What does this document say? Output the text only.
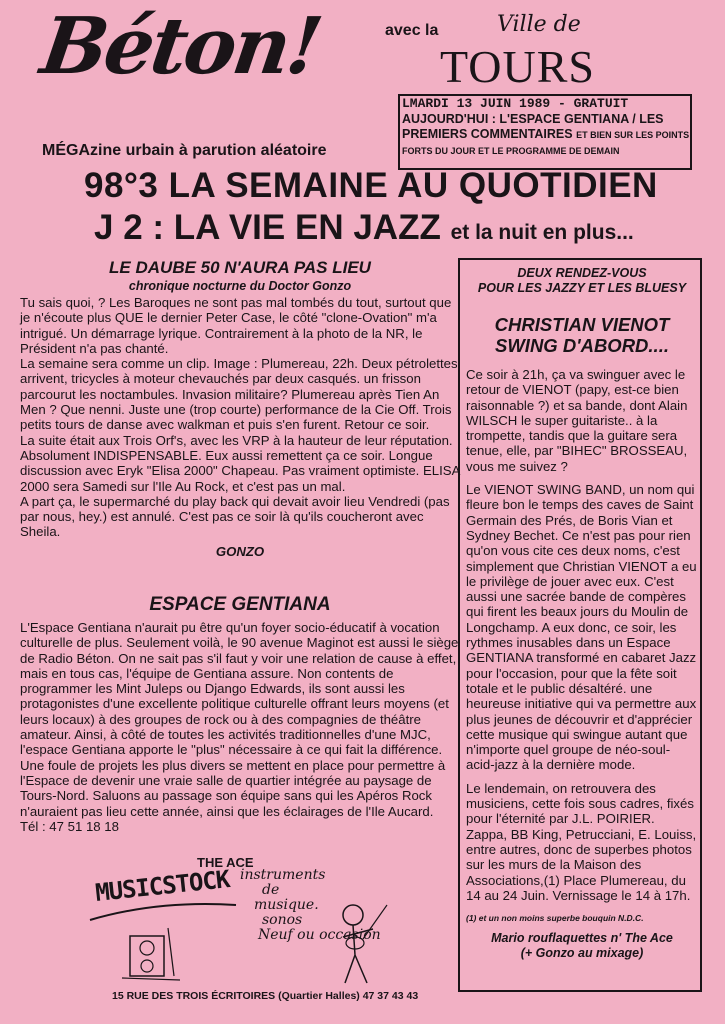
Béton!
MÉGAzine urbain à parution aléatoire
avec la	Ville de
TOURS
LMARDI 13 JUIN 1989 - GRATUIT
AUJOURD'HUI : L'ESPACE GENTIANA / LES PREMIERS COMMENTAIRES ET BIEN SUR LES POINTS FORTS DU JOUR ET LE PROGRAMME DE DEMAIN
98°3 LA SEMAINE AU QUOTIDIEN
J 2 : LA VIE EN JAZZ et la nuit en plus...
LE DAUBE 50 N'AURA PAS LIEU
chronique nocturne du Doctor Gonzo

Tu sais quoi, ? Les Baroques ne sont pas mal tombés du tout, surtout que je n'écoute plus QUE le dernier Peter Case, le côté "clone-Ovation" m'a intrigué. Un démarrage lyrique. Contrairement à la photo de la NR, le Président n'a pas chanté.

La semaine sera comme un clip. Image : Plumereau, 22h. Deux pétrolettes arrivent, tricycles à moteur chevauchés par deux casqués. un frisson parcourut les noctambules. Invasion militaire? Plumereau après Tien An Men ? Que nenni. Juste une (trop courte) performance de la Cie Off. Trois petits tours de danse avec walkman et puis s'en furent. Retour ce soir.

La suite était aux Trois Orf's, avec les VRP à la hauteur de leur réputation. Absolument INDISPENSABLE. Eux aussi remettent ça ce soir. Longue discussion avec Eryk "Elisa 2000" Chapeau. Pas vraiment optimiste. ELISA 2000 sera Samedi sur l'Ile Au Rock, et c'est pas un mal.

A part ça, le supermarché du play back qui devait avoir lieu Vendredi (pas par nous, hey.) est annulé. C'est pas ce soir là qu'ils coucheront avec Sheila.

GONZO

ESPACE GENTIANA

L'Espace Gentiana n'aurait pu être qu'un foyer socio-éducatif à vocation culturelle de plus. Seulement voilà, le 90 avenue Maginot est aussi le siège de Radio Béton. On ne sait pas s'il faut y voir une relation de cause à effet, mais en tous cas, l'équipe de Gentiana assure. Non contents de programmer les Mint Juleps ou Django Edwards, ils sont aussi les protagonistes d'une excellente politique culturelle offrant leurs moyens (et leurs locaux) à des groupes de rock ou à des compagnies de théâtre amateur. Ainsi, à côté de toutes les activités traditionnelles d'une MJC, l'espace Gentiana apporte le "plus" nécessaire à ce qui fait la différence. Une foule de projets les plus divers se mettent en place pour permettre à l'Espace de devenir une vraie salle de quartier intégrée au paysage de Tours-Nord. Saluons au passage son équipe sans qui les Apéros Rock n'auraient pas lieu cette année, ainsi que les éclairages de l'Ile Aucard.

Tél : 47 51 18 18

THE ACE
MUSICSTOCK instruments
de
musique.
sonos
Neuf ou occasion
15 RUE DES TROIS ÉCRITOIRES (Quartier Halles) 47 37 43 43
DEUX RENDEZ-VOUS
POUR LES JAZZY ET LES BLUESY
CHRISTIAN VIENOT SWING D'ABORD....

Ce soir à 21h, ça va swinguer avec le retour de VIENOT (papy, est-ce bien raisonnable ?) et sa bande, dont Alain WILSCH le super guitariste.. à la trompette, tandis que la guitare sera tenue, elle, par "BIHEC" BROSSEAU, vous me suivez ?

Le VIENOT SWING BAND, un nom qui fleure bon le temps des caves de Saint Germain des Prés, de Boris Vian et Sydney Bechet. Ce n'est pas pour rien qu'on vous cite ces deux noms, c'est simplement que Christian VIENOT a eu le privilège de jouer avec eux. C'est aussi une sacrée bande de compères qui firent les beaux jours du Moulin de Longchamp. A eux donc, ce soir, les rythmes inusables dans un Espace GENTIANA transformé en cabaret Jazz pour l'occasion, pour que la fête soit totale et le public désaltéré. une heureuse initiative qui va permettre aux plus jeunes de découvrir et d'apprécier cette musique qui swingue autant que n'importe quel groupe de néo-soul-acid-jazz à la dernière mode.

Le lendemain, on retrouvera des musiciens, cette fois sous cadres, fixés pour l'éternité par J.L. POIRIER. Zappa, BB King, Petrucciani, E. Louiss, entre autres, donc de superbes photos sur les murs de la Maison des Associations,(1) Place Plumereau, du 14 au 24 Juin. Vernissage le 14 à 17h.

(1) et un non moins superbe bouquin N.D.C.

Mario rouflaquettes n' The Ace

(+ Gonzo au mixage)
